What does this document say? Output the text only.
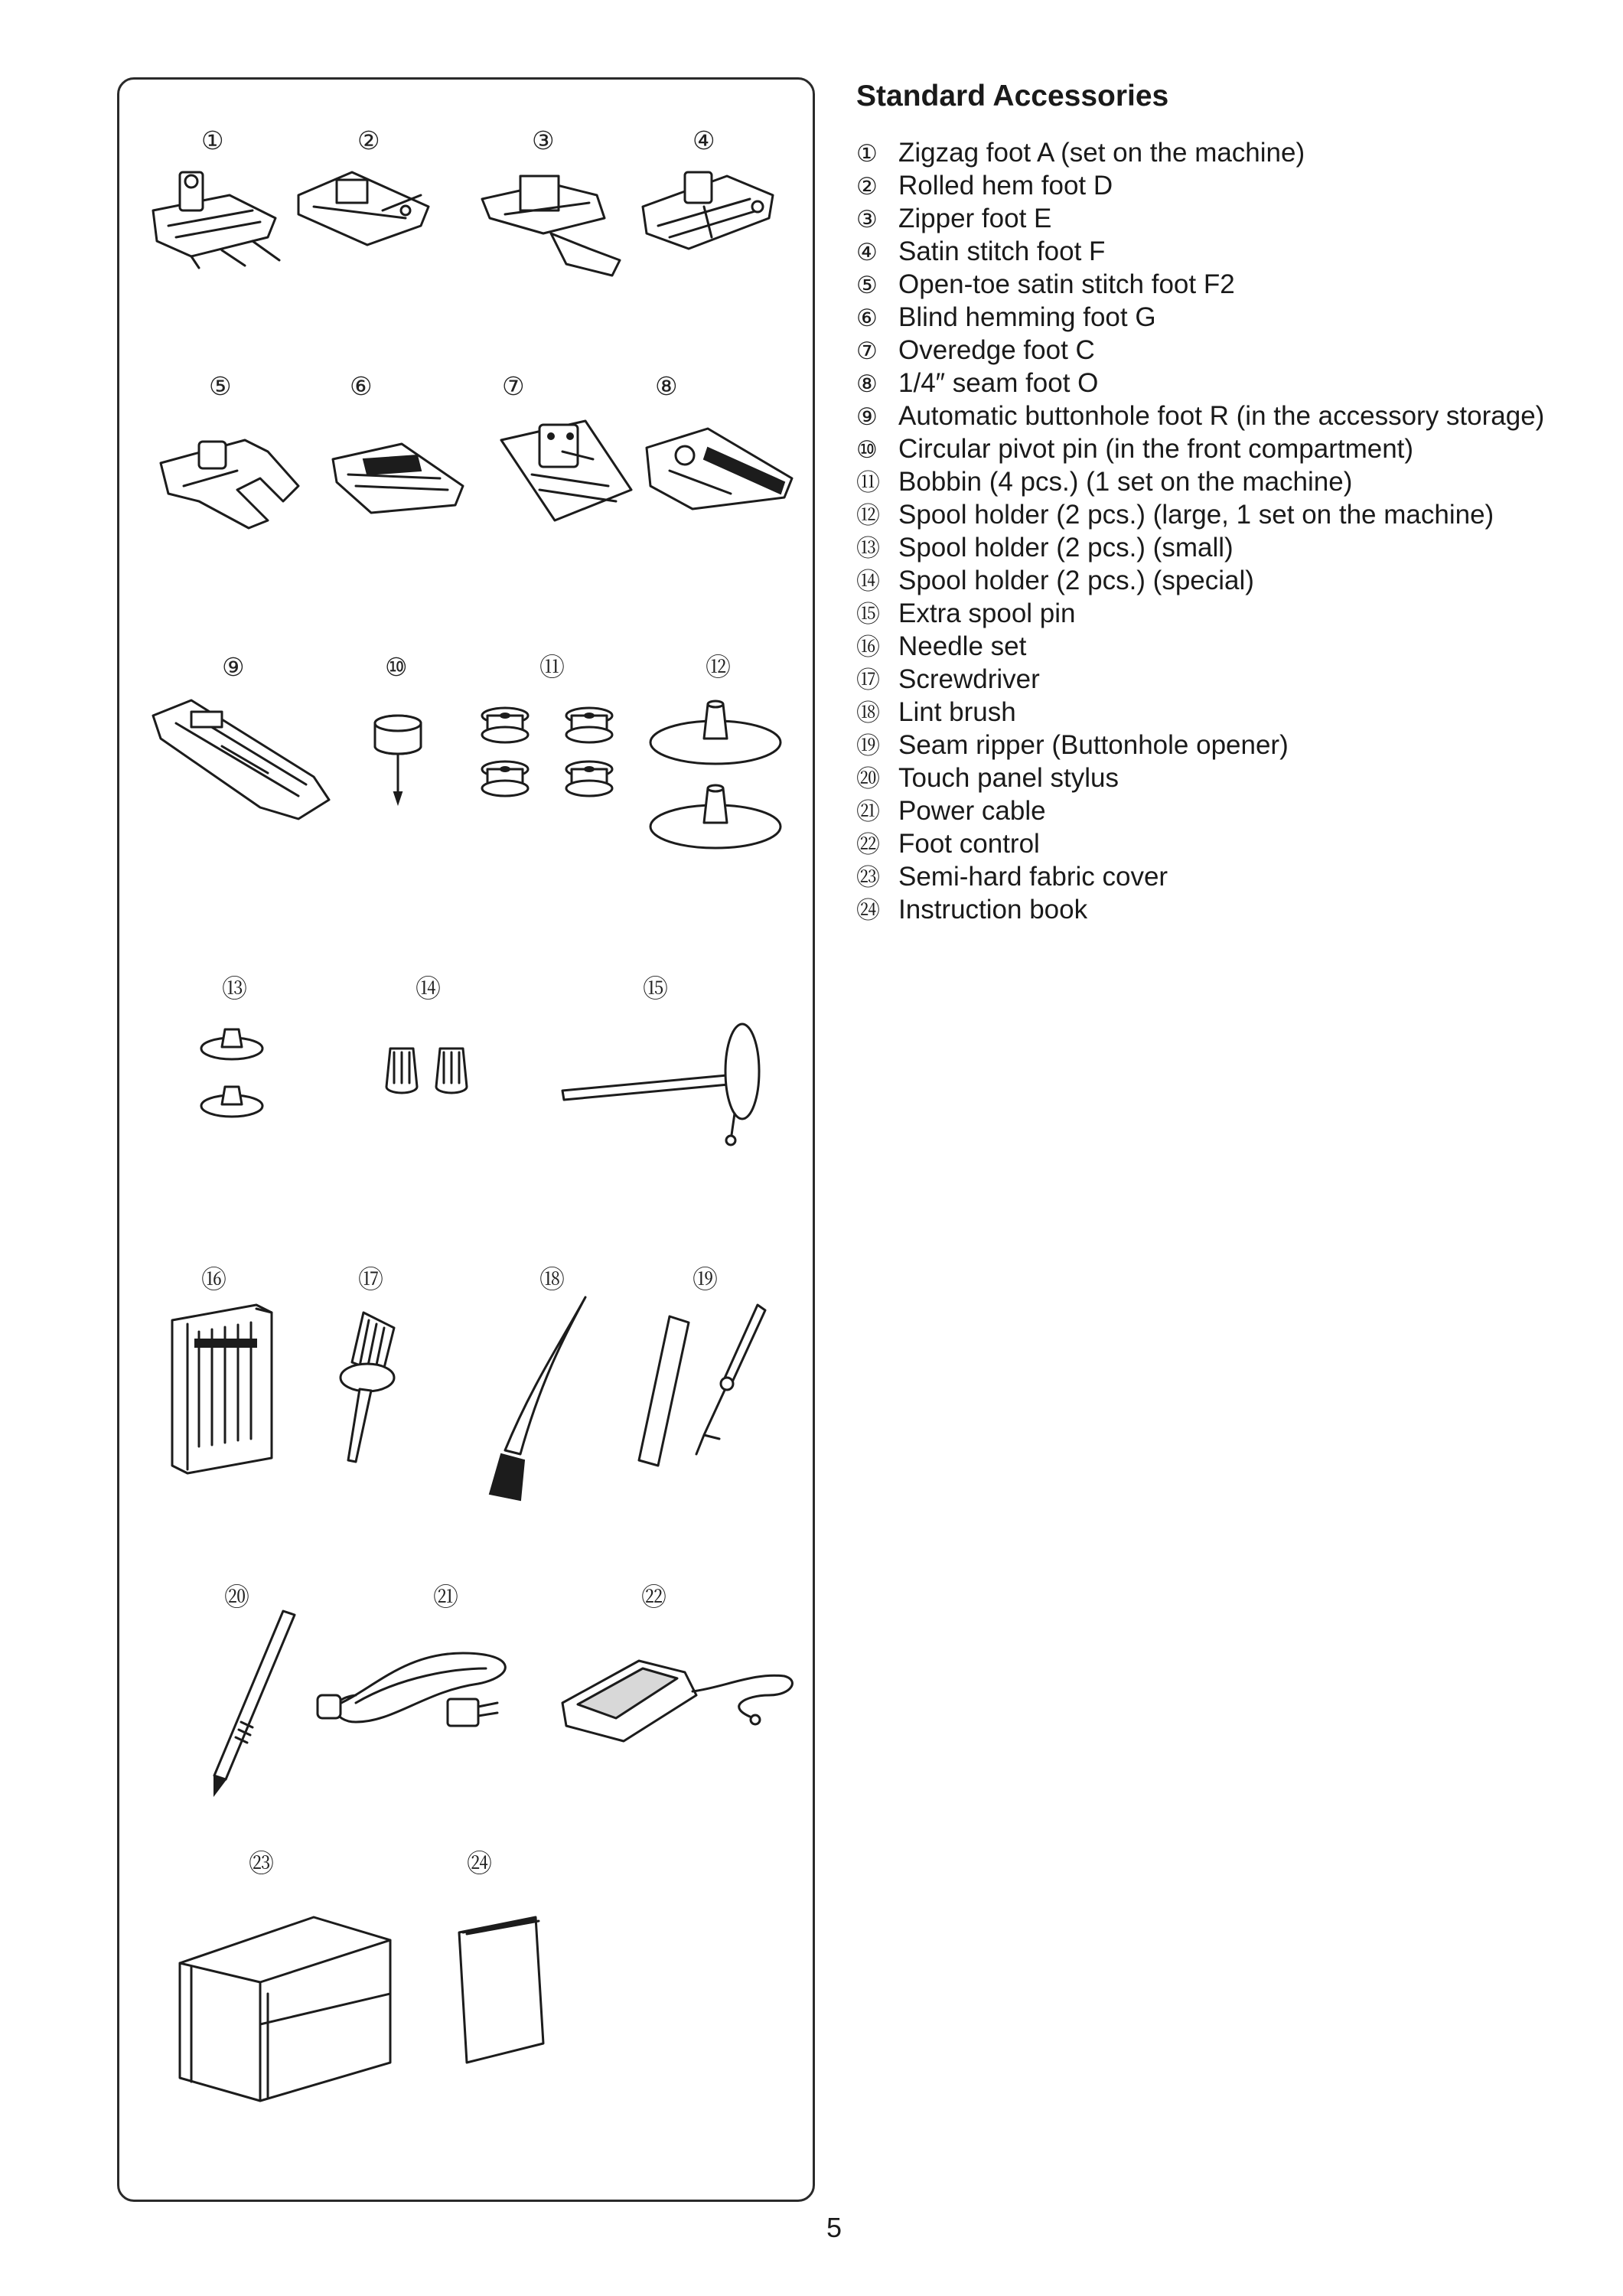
①	②	③	④
⑤	⑥	⑦	⑧
⑨	⑩	⑪	⑫
⑬	⑭	⑮
⑯	⑰	⑱	⑲
⑳	㉑	㉒
㉓	㉔
Standard Accessories
① Zigzag foot A (set on the machine)
② Rolled hem foot D
③ Zipper foot E
④ Satin stitch foot F
⑤ Open-toe satin stitch foot F2
⑥ Blind hemming foot G
⑦ Overedge foot C
⑧ 1/4″ seam foot O
⑨ Automatic buttonhole foot R (in the accessory storage)
⑩ Circular pivot pin (in the front compartment)
⑪ Bobbin (4 pcs.) (1 set on the machine)
⑫ Spool holder (2 pcs.) (large, 1 set on the machine)
⑬ Spool holder (2 pcs.) (small)
⑭ Spool holder (2 pcs.) (special)
⑮ Extra spool pin
⑯ Needle set
⑰ Screwdriver
⑱ Lint brush
⑲ Seam ripper (Buttonhole opener)
⑳ Touch panel stylus
㉑ Power cable
㉒ Foot control
㉓ Semi-hard fabric cover
㉔ Instruction book
5
